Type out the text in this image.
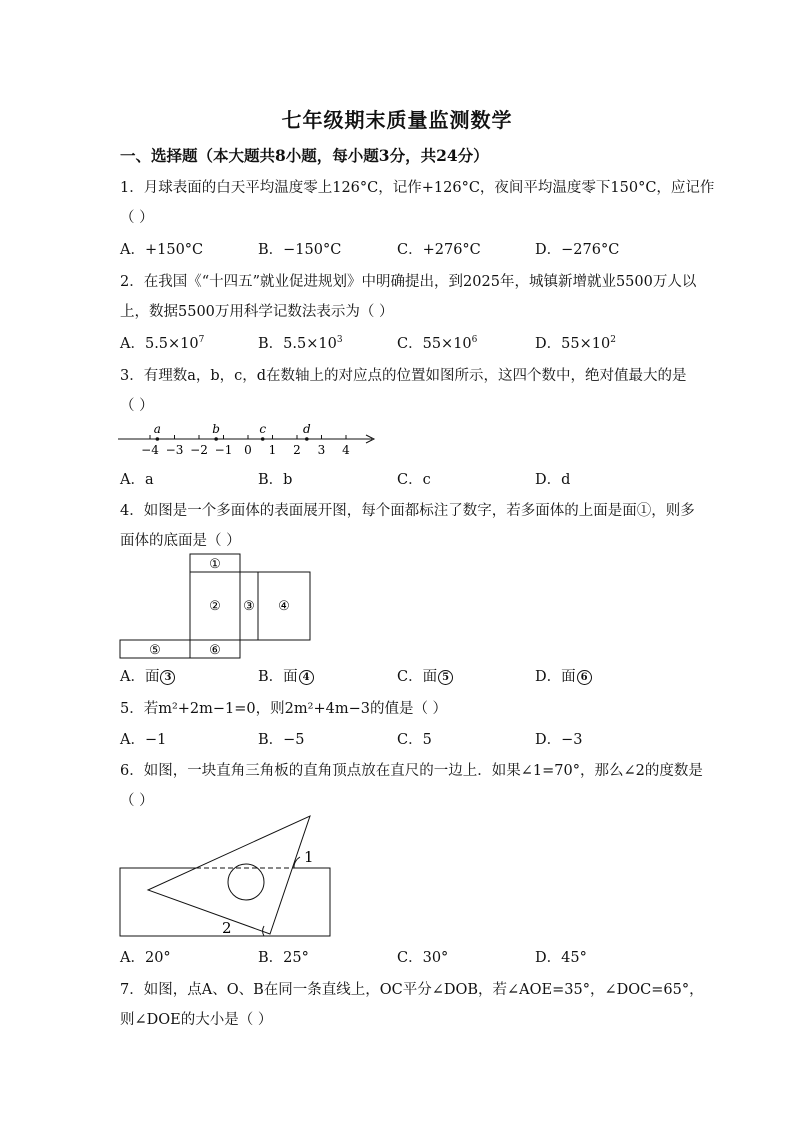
七年级期末质量监测数学
一、选择题（本大题共8小题，每小题3分，共24分）
1．月球表面的白天平均温度零上126°C，记作+126°C，夜间平均温度零下150°C，应记作
（ ）
A．+150°C	B．−150°C	C．+276°C	D．−276°C
2．在我国《“十四五”就业促进规划》中明确提出，到2025年，城镇新增就业5500万人以
上，数据5500万用科学记数法表示为（ ）
A．$5.5\times 10^7$	B．$5.5\times 10^3$	C．$55\times 10^6$	D．$55\times 10^2$
3．有理数a，b，c，d在数轴上的对应点的位置如图所示，这四个数中，绝对值最大的是
（ ）
−4 −3 −2 −1 0 1 2 3 4
a	b	c	d
A．a	B．b	C．c	D．d
4．如图是一个多面体的表面展开图，每个面都标注了数字，若多面体的上面是面①，则多
面体的底面是（ ）
①
② ③ ④
⑤	⑥
A．面 3	B．面 4	C．面 5	D．面 6
5．若m²+2m−1=0，则2m²+4m−3的值是（ ）
A．−1	B．−5	C．5	D．−3
6．如图，一块直角三角板的直角顶点放在直尺的一边上．如果∠1=70°，那么∠2的度数是
（ ）
1
2
A．20°	B．25°	C．30°	D．45°
7．如图，点A、O、B在同一条直线上，OC平分∠DOB，若∠AOE=35°，∠DOC=65°，
则∠DOE的大小是（ ）
